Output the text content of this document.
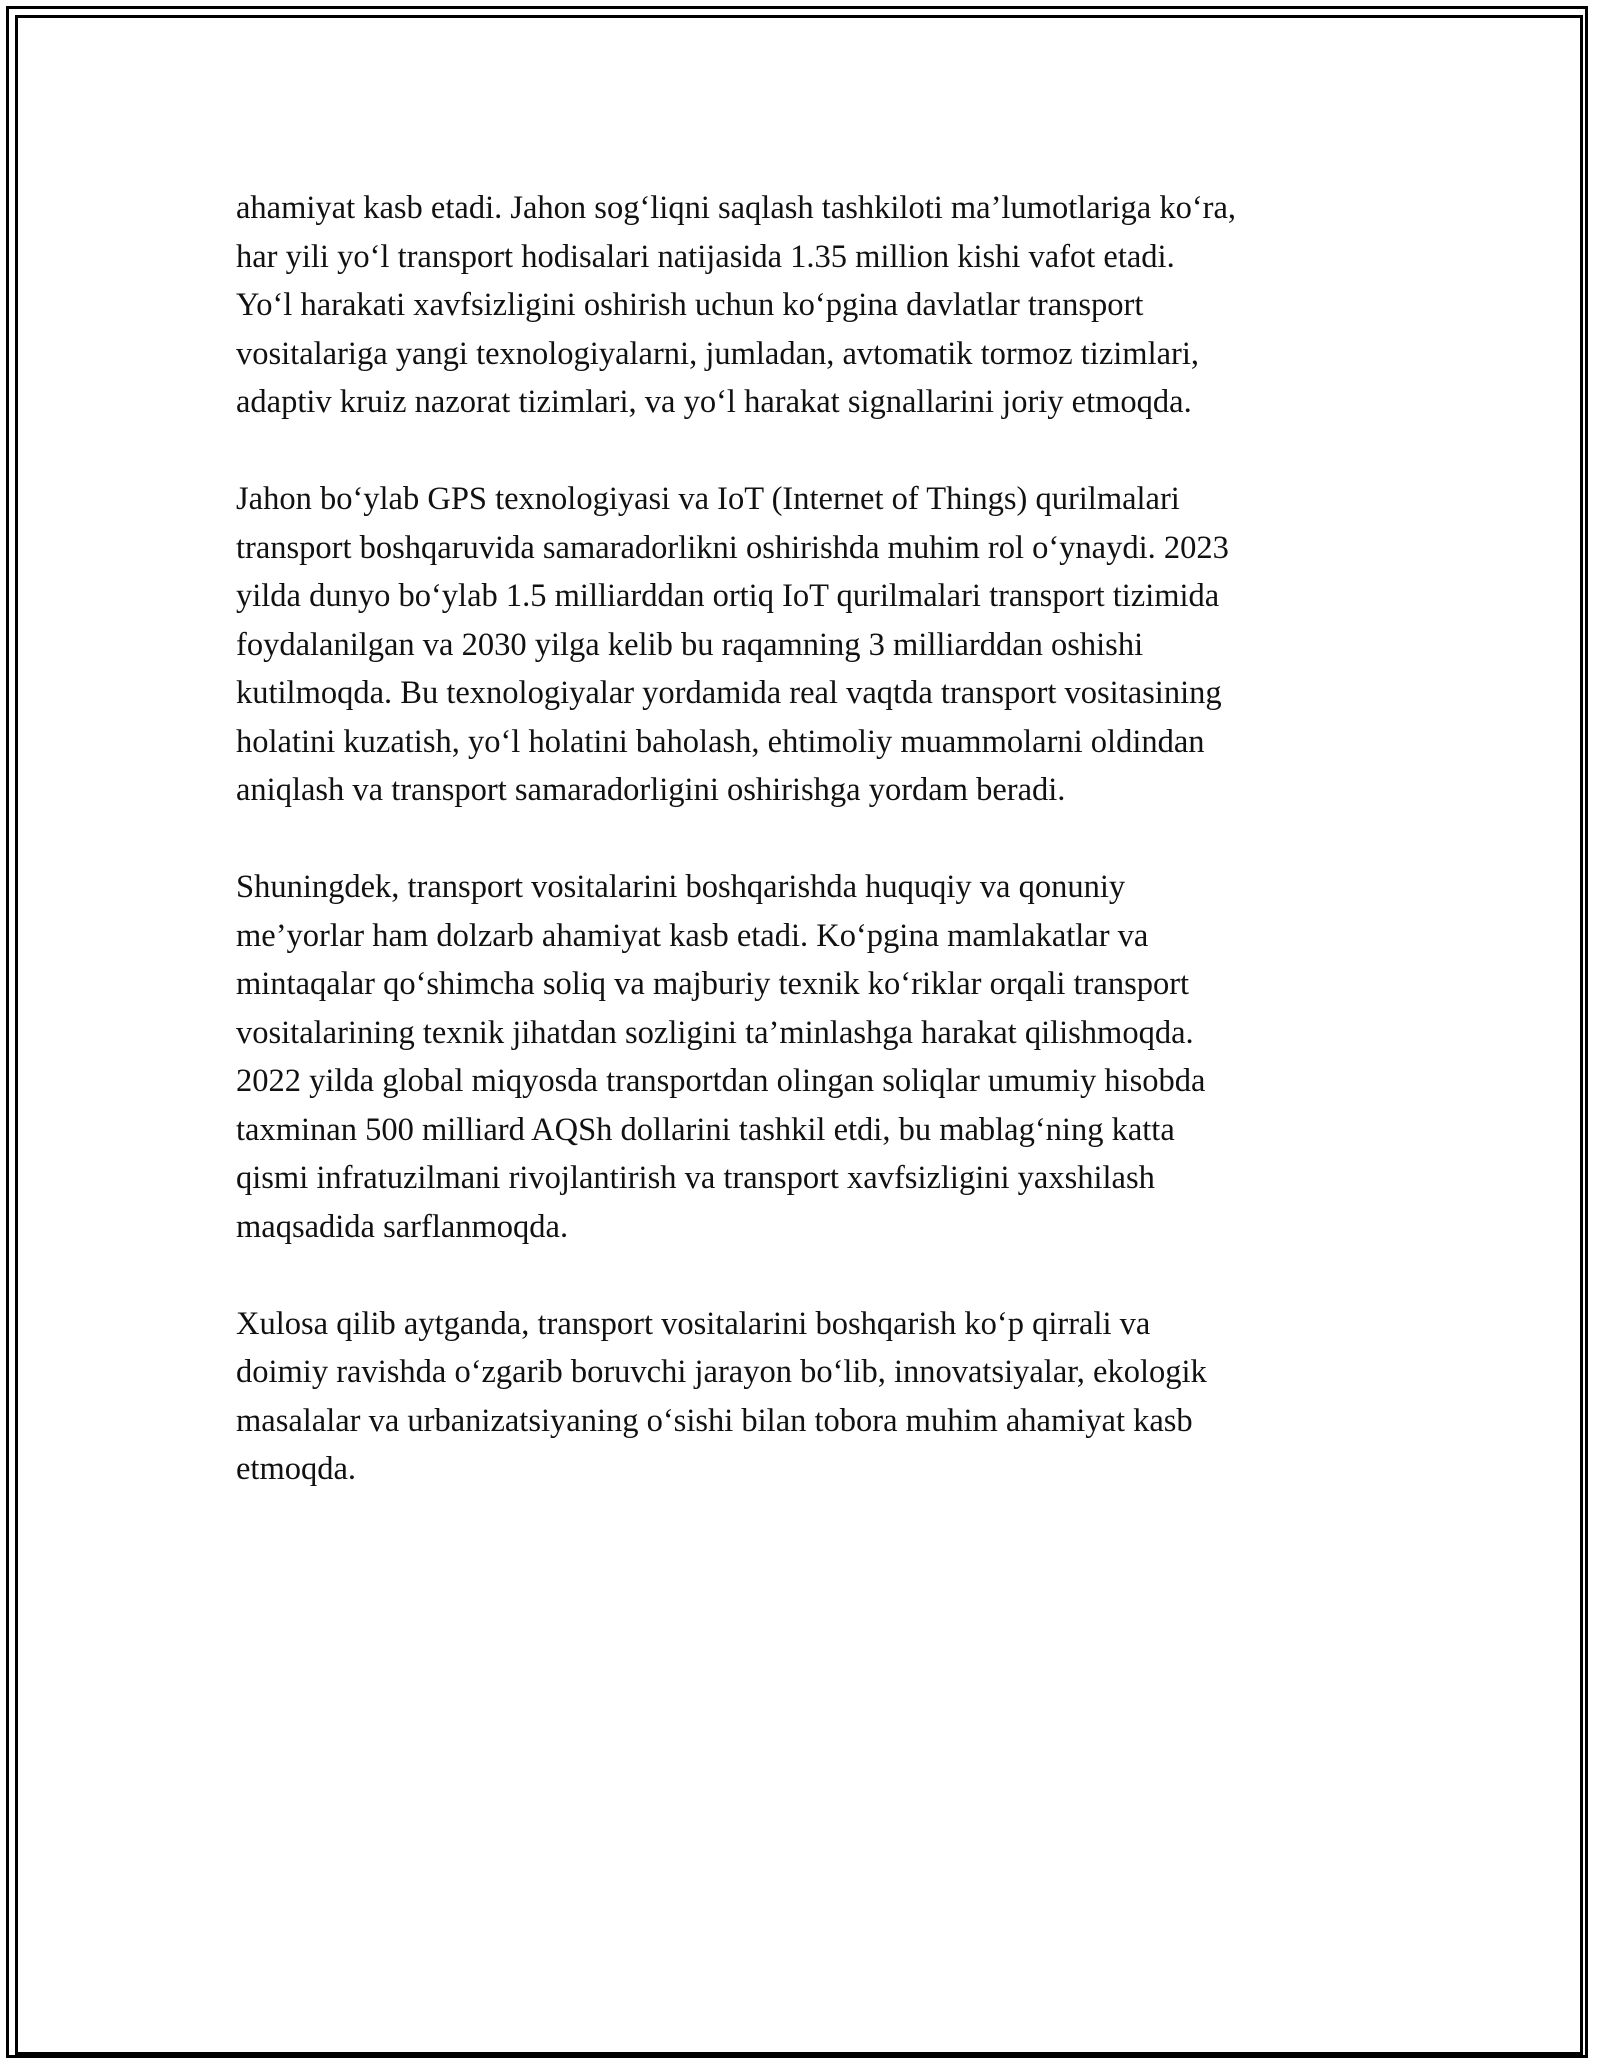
ahamiyat kasb etadi. Jahon sog‘liqni saqlash tashkiloti ma’lumotlariga ko‘ra,
har yili yo‘l transport hodisalari natijasida 1.35 million kishi vafot etadi.
Yo‘l harakati xavfsizligini oshirish uchun ko‘pgina davlatlar transport
vositalariga yangi texnologiyalarni, jumladan, avtomatik tormoz tizimlari,
adaptiv kruiz nazorat tizimlari, va yo‘l harakat signallarini joriy etmoqda.

Jahon bo‘ylab GPS texnologiyasi va IoT (Internet of Things) qurilmalari
transport boshqaruvida samaradorlikni oshirishda muhim rol o‘ynaydi. 2023
yilda dunyo bo‘ylab 1.5 milliarddan ortiq IoT qurilmalari transport tizimida
foydalanilgan va 2030 yilga kelib bu raqamning 3 milliarddan oshishi
kutilmoqda. Bu texnologiyalar yordamida real vaqtda transport vositasining
holatini kuzatish, yo‘l holatini baholash, ehtimoliy muammolarni oldindan
aniqlash va transport samaradorligini oshirishga yordam beradi.

Shuningdek, transport vositalarini boshqarishda huquqiy va qonuniy
me’yorlar ham dolzarb ahamiyat kasb etadi. Ko‘pgina mamlakatlar va
mintaqalar qo‘shimcha soliq va majburiy texnik ko‘riklar orqali transport
vositalarining texnik jihatdan sozligini ta’minlashga harakat qilishmoqda.
2022 yilda global miqyosda transportdan olingan soliqlar umumiy hisobda
taxminan 500 milliard AQSh dollarini tashkil etdi, bu mablag‘ning katta
qismi infratuzilmani rivojlantirish va transport xavfsizligini yaxshilash
maqsadida sarflanmoqda.

Xulosa qilib aytganda, transport vositalarini boshqarish ko‘p qirrali va
doimiy ravishda o‘zgarib boruvchi jarayon bo‘lib, innovatsiyalar, ekologik
masalalar va urbanizatsiyaning o‘sishi bilan tobora muhim ahamiyat kasb
etmoqda.
